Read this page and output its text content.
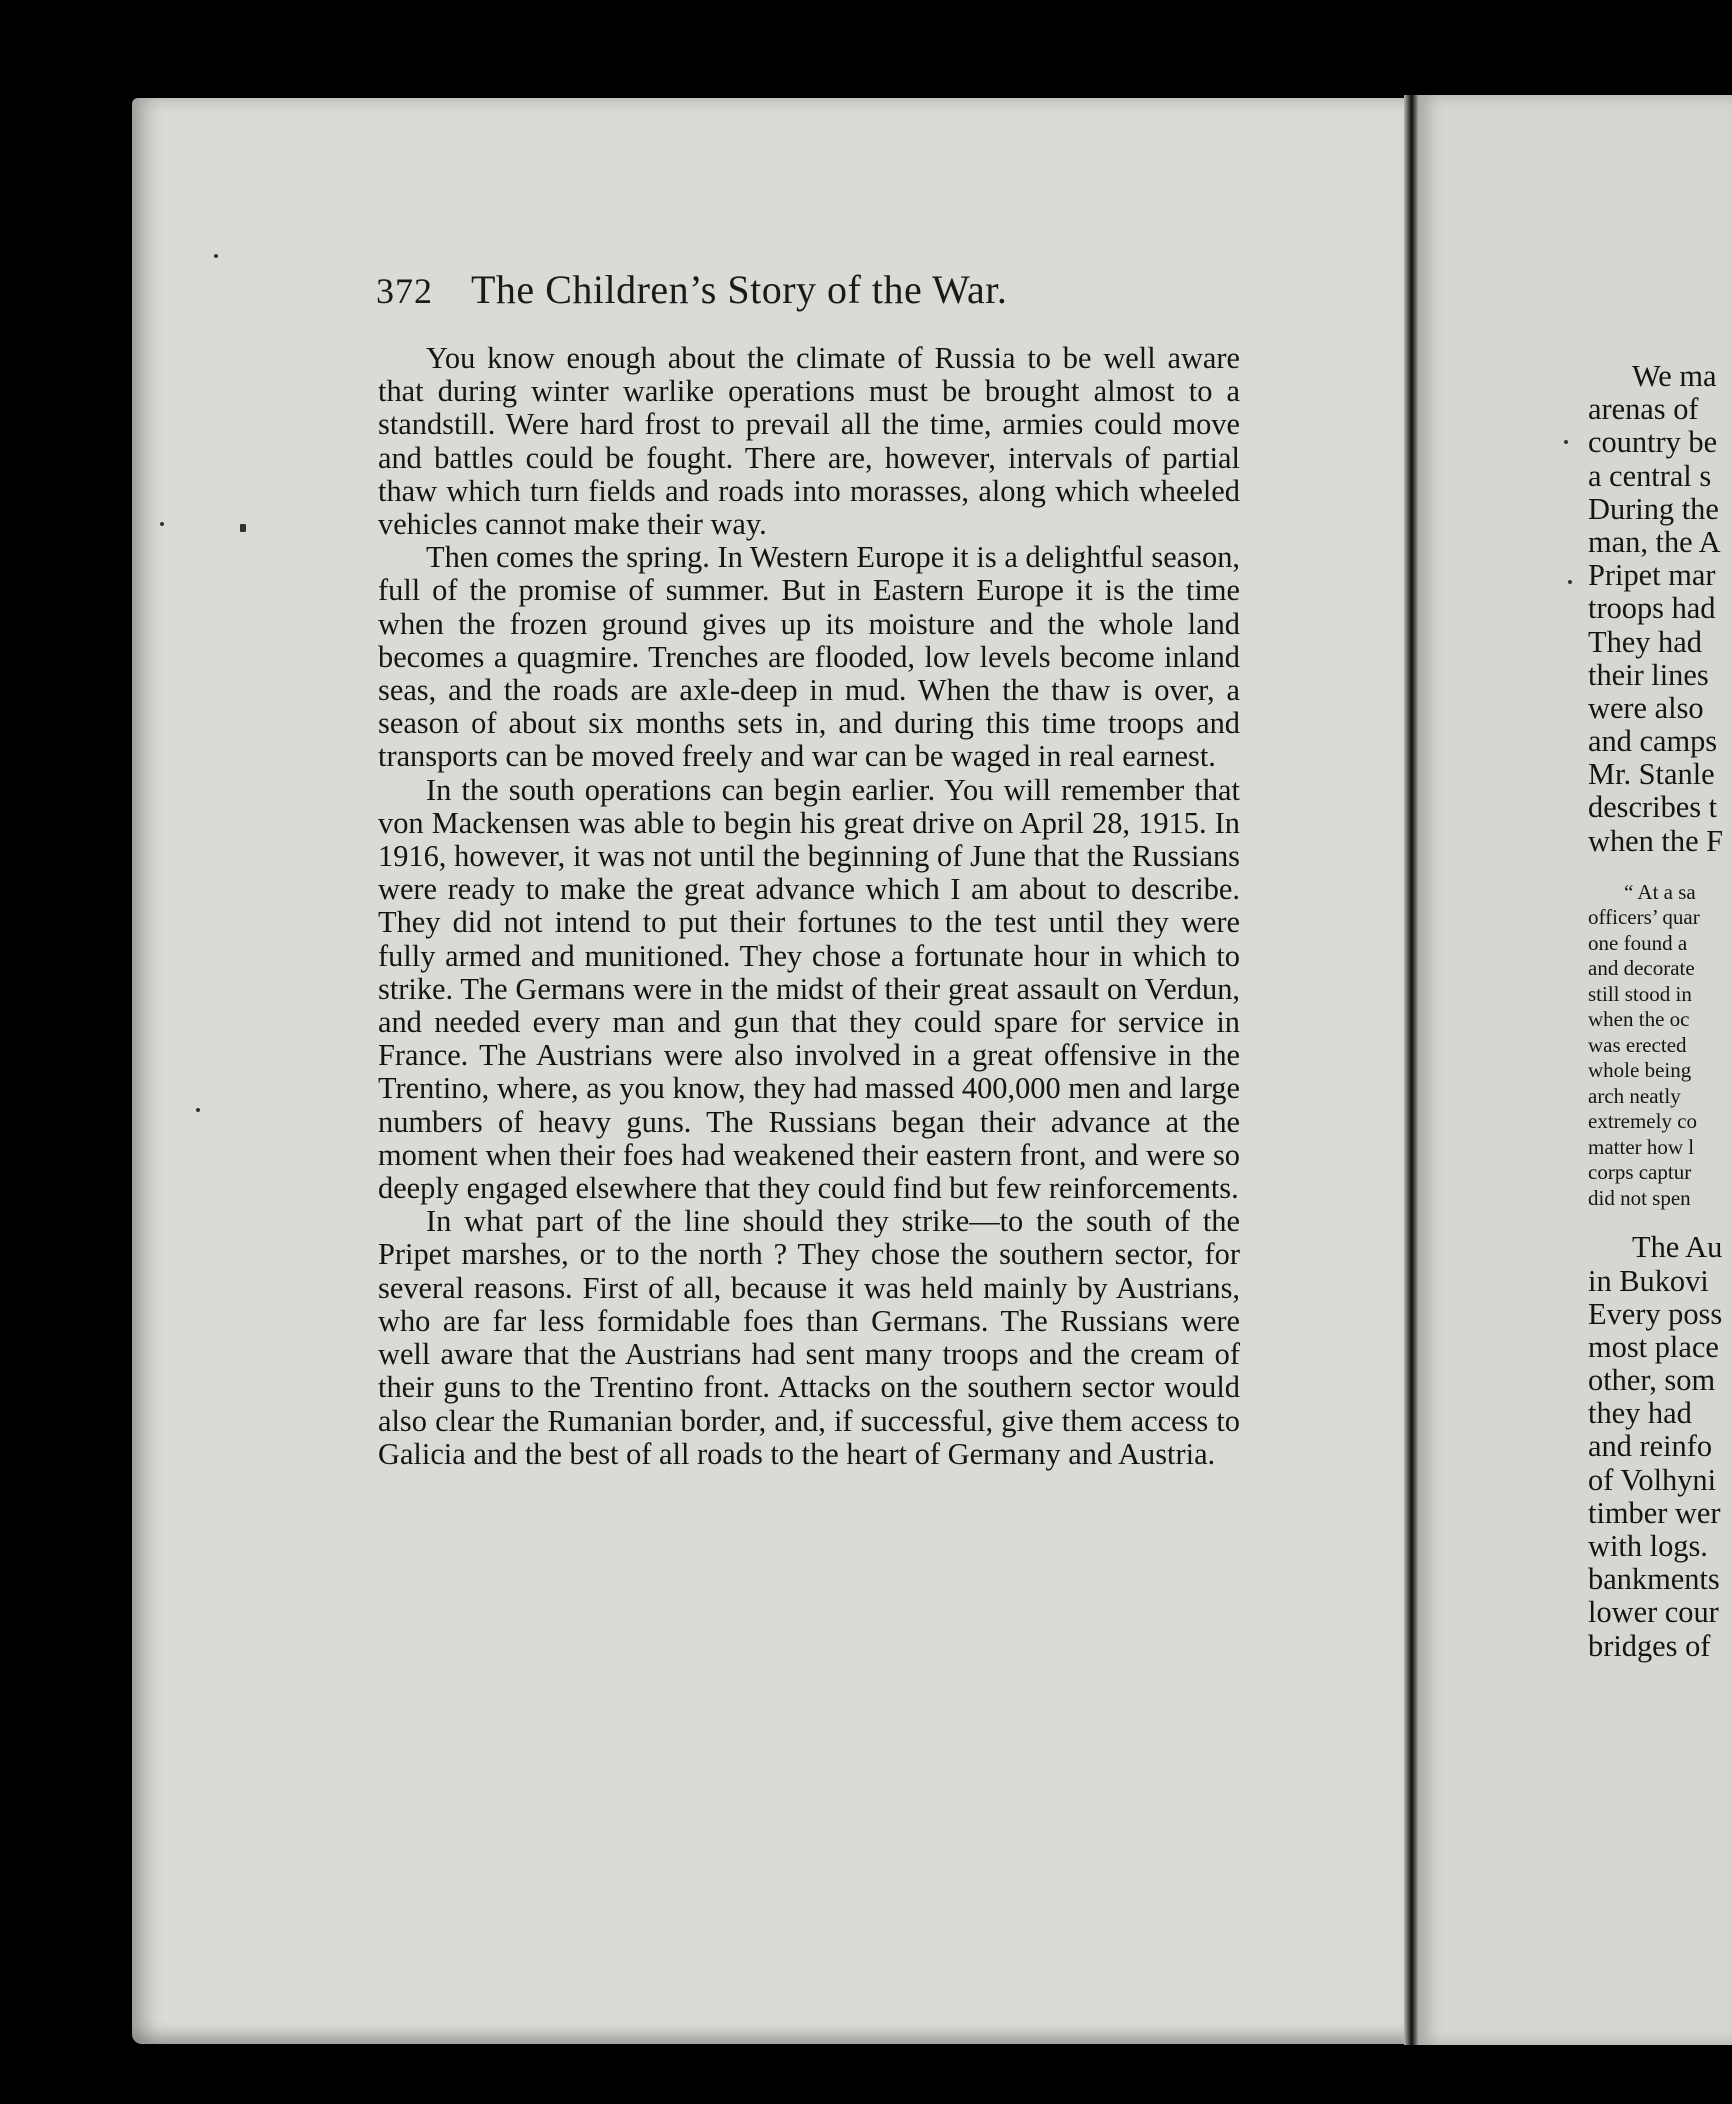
372 The Children’s Story of the War.

You know enough about the climate of Russia to be well aware that during winter warlike operations must be brought almost to a standstill. Were hard frost to prevail all the time, armies could move and battles could be fought. There are, however, intervals of partial thaw which turn fields and roads into morasses, along which wheeled vehicles cannot make their way.

Then comes the spring. In Western Europe it is a delightful season, full of the promise of summer. But in Eastern Europe it is the time when the frozen ground gives up its moisture and the whole land becomes a quagmire. Trenches are flooded, low levels become inland seas, and the roads are axle-deep in mud. When the thaw is over, a season of about six months sets in, and during this time troops and transports can be moved freely and war can be waged in real earnest.

In the south operations can begin earlier. You will remember that von Mackensen was able to begin his great drive on April 28, 1915. In 1916, however, it was not until the beginning of June that the Russians were ready to make the great advance which I am about to describe. They did not intend to put their fortunes to the test until they were fully armed and munitioned. They chose a fortunate hour in which to strike. The Germans were in the midst of their great assault on Verdun, and needed every man and gun that they could spare for service in France. The Austrians were also involved in a great offensive in the Trentino, where, as you know, they had massed 400,000 men and large numbers of heavy guns. The Russians began their advance at the moment when their foes had weakened their eastern front, and were so deeply engaged elsewhere that they could find but few reinforcements.

In what part of the line should they strike—to the south of the Pripet marshes, or to the north ? They chose the southern sector, for several reasons. First of all, because it was held mainly by Austrians, who are far less formidable foes than Germans. The Russians were well aware that the Austrians had sent many troops and the cream of their guns to the Trentino front. Attacks on the southern sector would also clear the Rumanian border, and, if successful, give them access to Galicia and the best of all roads to the heart of Germany and Austria.

We ma
arenas of
country be
a central s
During the
man, the A
Pripet mar
troops had
They had
their lines
were also
and camps
Mr. Stanle
describes t
when the F
“ At a sa
officers’ quar
one found a
and decorate
still stood in
when the oc
was erected
whole being
arch neatly
extremely co
matter how l
corps captur
did not spen
The Au
in Bukovi
Every poss
most place
other, som
they had
and reinfo
of Volhyni
timber wer
with logs.
bankments
lower cour
bridges of
